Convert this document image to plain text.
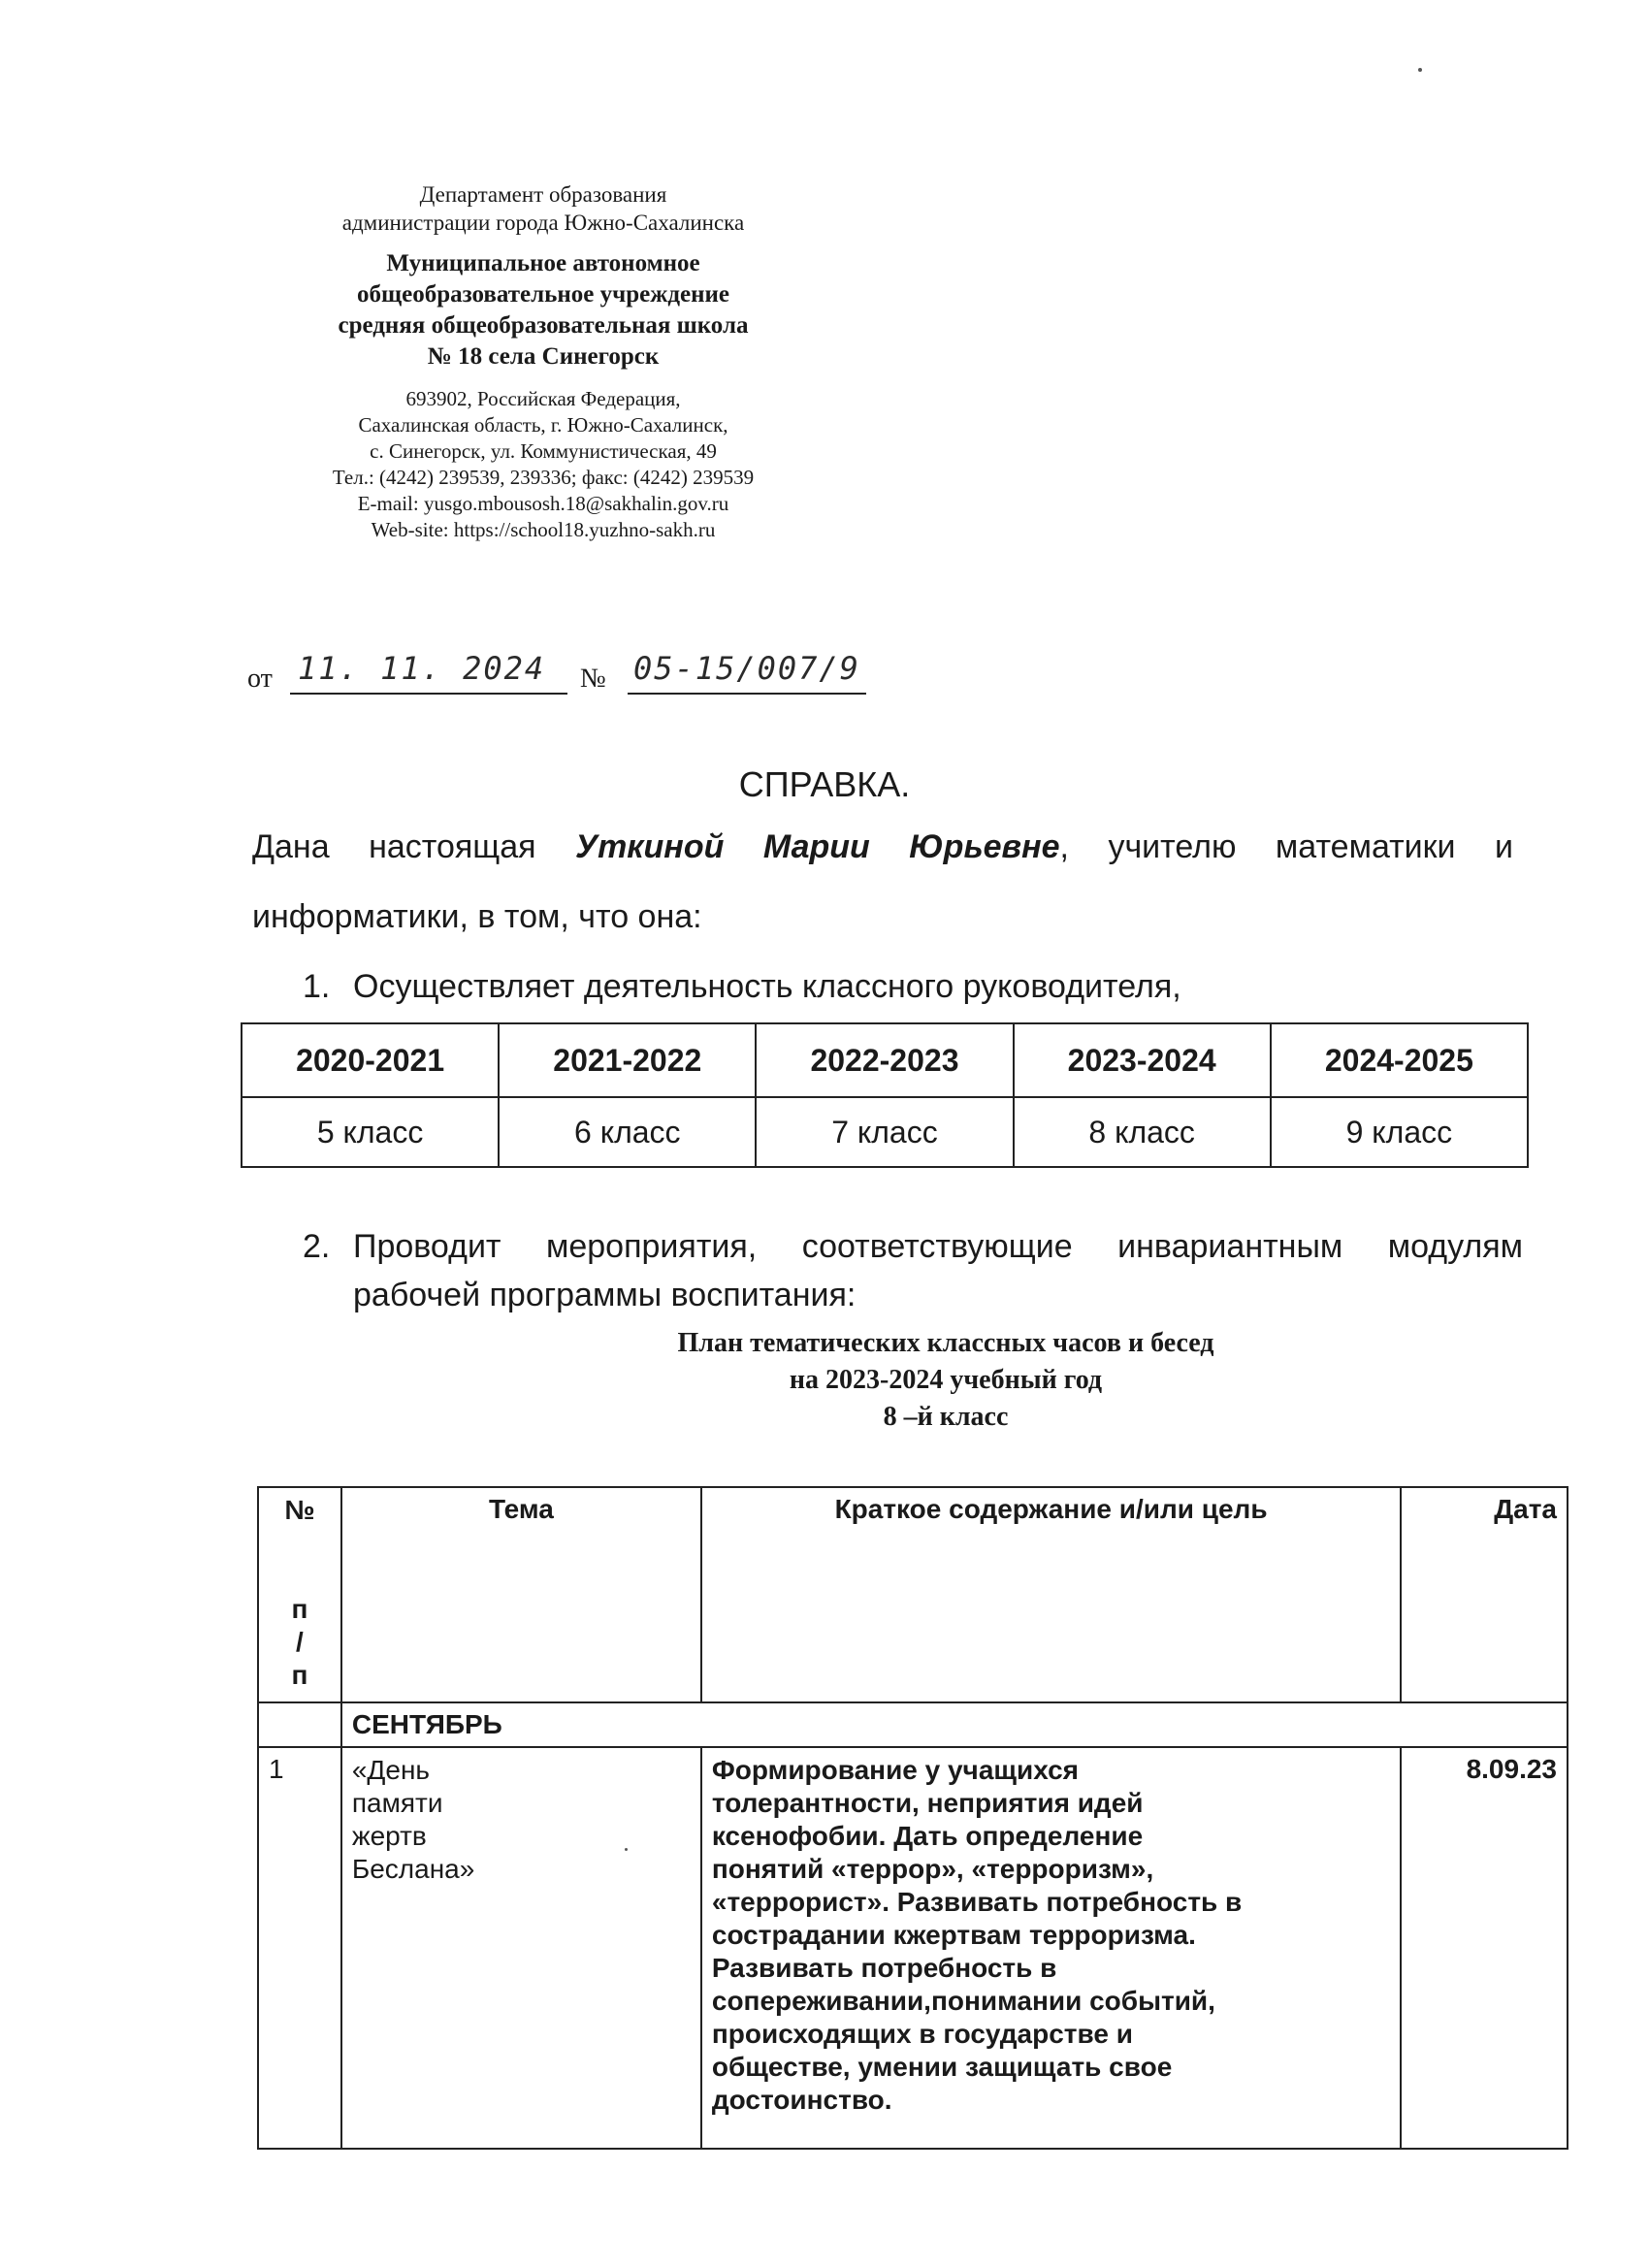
Департамент образования
администрации города Южно-Сахалинска
Муниципальное автономное
общеобразовательное учреждение
средняя общеобразовательная школа
№ 18 села Синегорск
693902, Российская Федерация,
Сахалинская область, г. Южно-Сахалинск,
с. Синегорск, ул. Коммунистическая, 49
Тел.: (4242) 239539, 239336; факс: (4242) 239539
E-mail: yusgo.mbousosh.18@sakhalin.gov.ru
Web-site: https://school18.yuzhno-sakh.ru
от 11. 11. 2024	№ 05-15/007/9
СПРАВКА.
Дана настоящая Уткиной Марии Юрьевне, учителю математики и
информатики, в том, что она:
1. Осуществляет деятельность классного руководителя,
2020-2021	2021-2022	2022-2023	2023-2024	2024-2025
5 класс	6 класс	7 класс	8 класс	9 класс
2. Проводит мероприятия, соответствующие инвариантным модулям
рабочей программы воспитания:
План тематических классных часов и бесед
на 2023-2024 учебный год
8 –й класс
№
п
/
п	Тема	Краткое содержание и/или цель	Дата
	СЕНТЯБРЬ		
1	«День памяти жертв Беслана»	Формирование у учащихся толерантности, неприятия идей ксенофобии. Дать определение понятий «террор», «терроризм», «террорист». Развивать потребность в сострадании кжертвам терроризма. Развивать потребность в сопереживании,понимании событий, происходящих в государстве и обществе, умении защищать свое достоинство.	8.09.23
